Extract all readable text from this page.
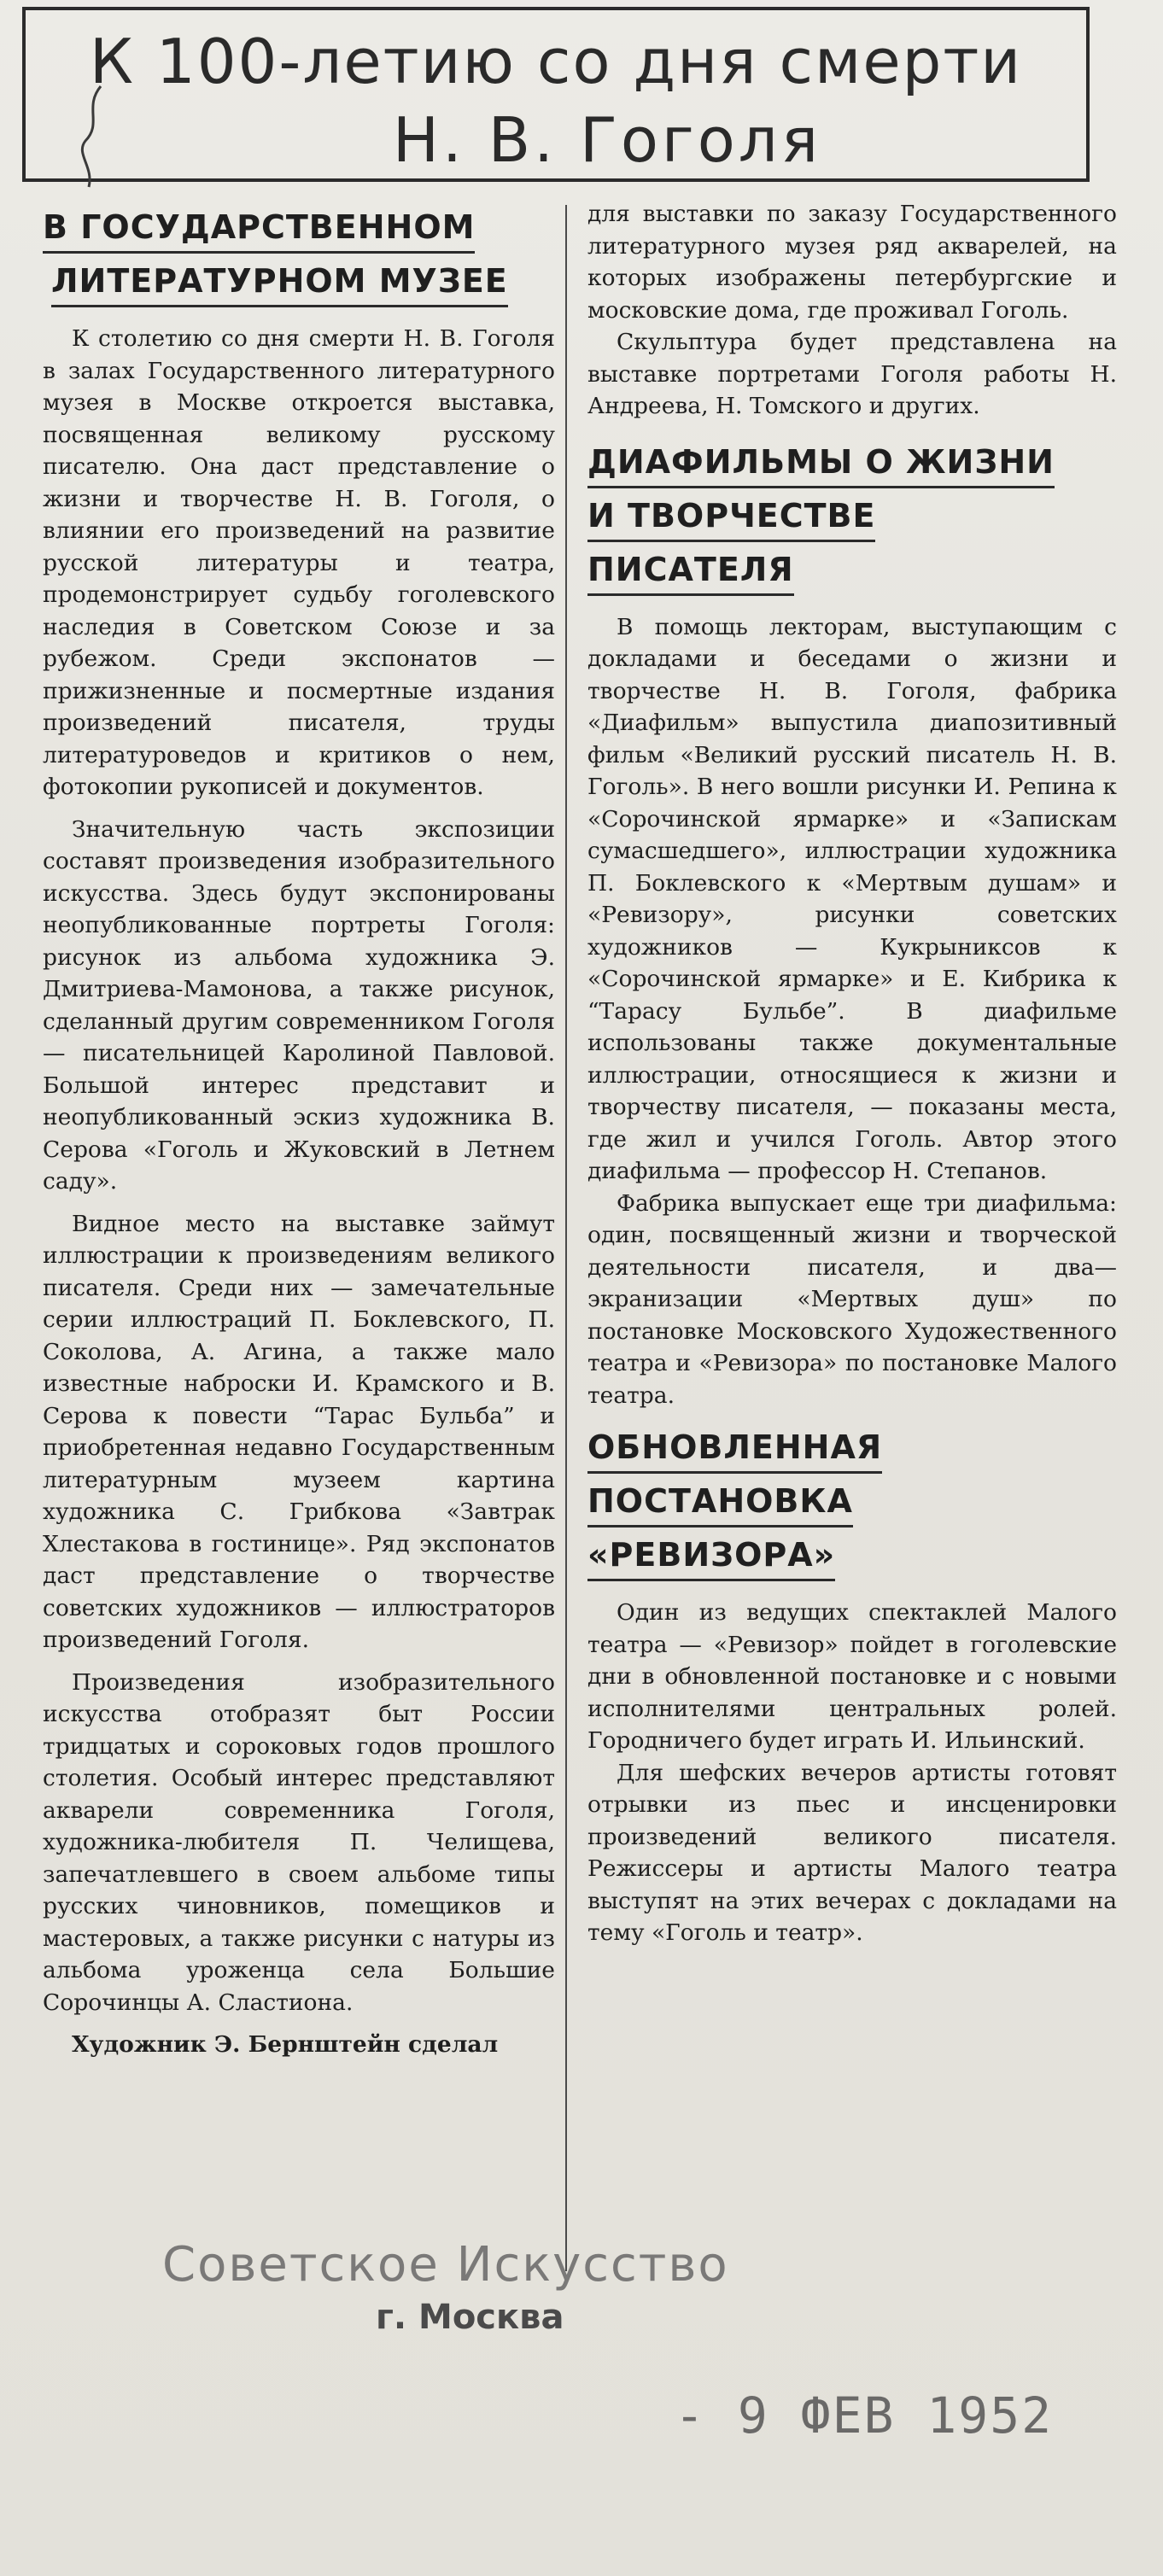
К 100-летию со дня смерти
Н. В. Гоголя
В ГОСУДАРСТВЕННОМ
ЛИТЕРАТУРНОМ МУЗЕЕ

К столетию со дня смерти Н. В. Гоголя в залах Государственного литературного музея в Москве откроется выставка, посвященная великому русскому писателю. Она даст представление о жизни и творчестве Н. В. Гоголя, о влиянии его произведений на развитие русской литературы и театра, продемонстрирует судьбу гоголевского наследия в Советском Союзе и за рубежом. Среди экспонатов — прижизненные и посмертные издания произведений писателя, труды литературоведов и критиков о нем, фотокопии рукописей и документов.

Значительную часть экспозиции составят произведения изобразительного искусства. Здесь будут экспонированы неопубликованные портреты Гоголя: рисунок из альбома художника Э. Дмитриева-Мамонова, а также рисунок, сделанный другим современником Гоголя — писательницей Каролиной Павловой. Большой интерес представит и неопубликованный эскиз художника В. Серова «Гоголь и Жуковский в Летнем саду».

Видное место на выставке займут иллюстрации к произведениям великого писателя. Среди них — замечательные серии иллюстраций П. Боклевского, П. Соколова, А. Агина, а также мало известные наброски И. Крамского и В. Серова к повести “Тарас Бульба” и приобретенная недавно Государственным литературным музеем картина художника С. Грибкова «Завтрак Хлестакова в гостинице». Ряд экспонатов даст представление о творчестве советских художников — иллюстраторов произведений Гоголя.

Произведения изобразительного искусства отобразят быт России тридцатых и сороковых годов прошлого столетия. Особый интерес представляют акварели современника Гоголя, художника-любителя П. Челищева, запечатлевшего в своем альбоме типы русских чиновников, помещиков и мастеровых, а также рисунки с натуры из альбома уроженца села Большие Сорочинцы А. Сластиона.

Художник Э. Бернштейн сделал

для выставки по заказу Государственного литературного музея ряд акварелей, на которых изображены петербургские и московские дома, где проживал Гоголь.

Скульптура будет представлена на выставке портретами Гоголя работы Н. Андреева, Н. Томского и других.

ДИАФИЛЬМЫ О ЖИЗНИ
И ТВОРЧЕСТВЕ
ПИСАТЕЛЯ

В помощь лекторам, выступающим с докладами и беседами о жизни и творчестве Н. В. Гоголя, фабрика «Диафильм» выпустила диапозитивный фильм «Великий русский писатель Н. В. Гоголь». В него вошли рисунки И. Репина к «Сорочинской ярмарке» и «Запискам сумасшедшего», иллюстрации художника П. Боклевского к «Мертвым душам» и «Ревизору», рисунки советских художников — Кукрыниксов к «Сорочинской ярмарке» и Е. Кибрика к “Тарасу Бульбе”. В диафильме использованы также документальные иллюстрации, относящиеся к жизни и творчеству писателя, — показаны места, где жил и учился Гоголь. Автор этого диафильма — профессор Н. Степанов.

Фабрика выпускает еще три диафильма: один, посвященный жизни и творческой деятельности писателя, и два—экранизации «Мертвых душ» по постановке Московского Художественного театра и «Ревизора» по постановке Малого театра.

ОБНОВЛЕННАЯ
ПОСТАНОВКА
«РЕВИЗОРА»

Один из ведущих спектаклей Малого театра — «Ревизор» пойдет в гоголевские дни в обновленной постановке и с новыми исполнителями центральных ролей. Городничего будет играть И. Ильинский.

Для шефских вечеров артисты готовят отрывки из пьес и инсценировки произведений великого писателя. Режиссеры и артисты Малого театра выступят на этих вечерах с докладами на тему «Гоголь и театр».

Советское Искусство
г. Москва
- 9 ФЕВ 1952
